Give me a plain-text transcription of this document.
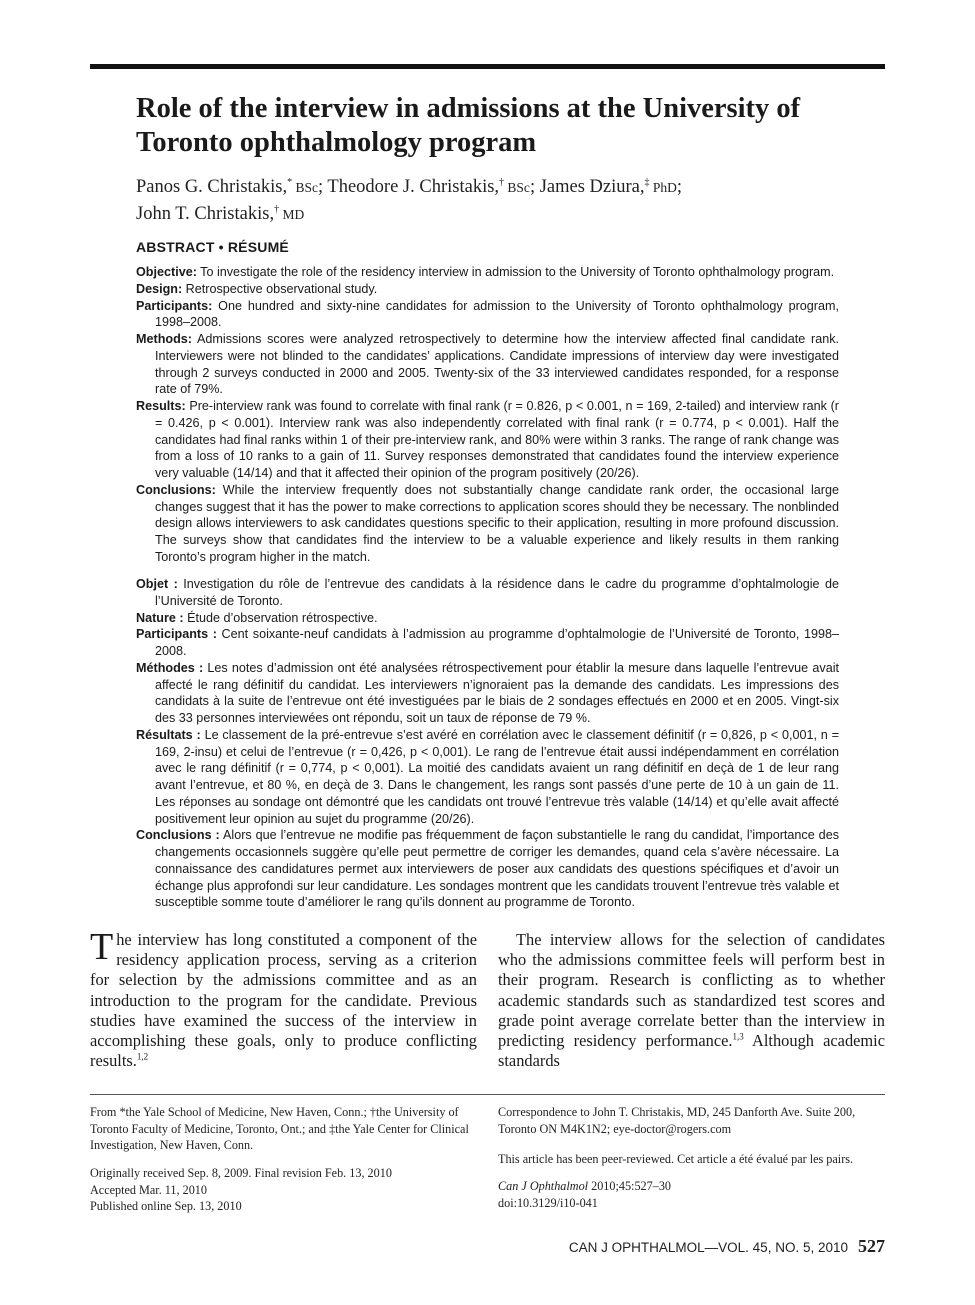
Role of the interview in admissions at the University of Toronto ophthalmology program
Panos G. Christakis,* BSc; Theodore J. Christakis,† BSc; James Dziura,‡ PhD;
John T. Christakis,† MD
ABSTRACT • RÉSUMÉ

Objective: To investigate the role of the residency interview in admission to the University of Toronto ophthalmology program.

Design: Retrospective observational study.

Participants: One hundred and sixty-nine candidates for admission to the University of Toronto ophthalmology program, 1998–2008.

Methods: Admissions scores were analyzed retrospectively to determine how the interview affected final candidate rank. Interviewers were not blinded to the candidates’ applications. Candidate impressions of interview day were investigated through 2 surveys conducted in 2000 and 2005. Twenty-six of the 33 interviewed candidates responded, for a response rate of 79%.

Results: Pre-interview rank was found to correlate with final rank (r = 0.826, p < 0.001, n = 169, 2-tailed) and interview rank (r = 0.426, p < 0.001). Interview rank was also independently correlated with final rank (r = 0.774, p < 0.001). Half the candidates had final ranks within 1 of their pre-interview rank, and 80% were within 3 ranks. The range of rank change was from a loss of 10 ranks to a gain of 11. Survey responses demonstrated that candidates found the interview experience very valuable (14/14) and that it affected their opinion of the program positively (20/26).

Conclusions: While the interview frequently does not substantially change candidate rank order, the occasional large changes suggest that it has the power to make corrections to application scores should they be necessary. The nonblinded design allows interviewers to ask candidates questions specific to their application, resulting in more profound discussion. The surveys show that candidates find the interview to be a valuable experience and likely results in them ranking Toronto’s program higher in the match.

Objet : Investigation du rôle de l’entrevue des candidats à la résidence dans le cadre du programme d’ophtalmologie de l’Université de Toronto.

Nature : Étude d’observation rétrospective.

Participants : Cent soixante-neuf candidats à l’admission au programme d’ophtalmologie de l’Université de Toronto, 1998–2008.

Méthodes : Les notes d’admission ont été analysées rétrospectivement pour établir la mesure dans laquelle l’entrevue avait affecté le rang définitif du candidat. Les interviewers n’ignoraient pas la demande des candidats. Les impressions des candidats à la suite de l’entrevue ont été investiguées par le biais de 2 sondages effectués en 2000 et en 2005. Vingt-six des 33 personnes interviewées ont répondu, soit un taux de réponse de 79 %.

Résultats : Le classement de la pré-entrevue s’est avéré en corrélation avec le classement définitif (r = 0,826, p < 0,001, n = 169, 2-insu) et celui de l’entrevue (r = 0,426, p < 0,001). Le rang de l’entrevue était aussi indépendamment en corrélation avec le rang définitif (r = 0,774, p < 0,001). La moitié des candidats avaient un rang définitif en deçà de 1 de leur rang avant l’entrevue, et 80 %, en deçà de 3. Dans le changement, les rangs sont passés d’une perte de 10 à un gain de 11. Les réponses au sondage ont démontré que les candidats ont trouvé l’entrevue très valable (14/14) et qu’elle avait affecté positivement leur opinion au sujet du programme (20/26).

Conclusions : Alors que l’entrevue ne modifie pas fréquemment de façon substantielle le rang du candidat, l’importance des changements occasionnels suggère qu’elle peut permettre de corriger les demandes, quand cela s’avère nécessaire. La connaissance des candidatures permet aux interviewers de poser aux candidats des questions spécifiques et d’avoir un échange plus approfondi sur leur candidature. Les sondages montrent que les candidats trouvent l’entrevue très valable et susceptible somme toute d’améliorer le rang qu’ils donnent au programme de Toronto.

The interview has long constituted a component of the residency application process, serving as a criterion for selection by the admissions committee and as an introduction to the program for the candidate. Previous studies have examined the success of the interview in accomplishing these goals, only to produce conflicting results.$^{1,2}$

The interview allows for the selection of candidates who the admissions committee feels will perform best in their program. Research is conflicting as to whether academic standards such as standardized test scores and grade point average correlate better than the interview in predicting residency performance.$^{1,3}$ Although academic standards

From *the Yale School of Medicine, New Haven, Conn.; †the University of Toronto Faculty of Medicine, Toronto, Ont.; and ‡the Yale Center for Clinical Investigation, New Haven, Conn.

Originally received Sep. 8, 2009. Final revision Feb. 13, 2010
Accepted Mar. 11, 2010
Published online Sep. 13, 2010

Correspondence to John T. Christakis, MD, 245 Danforth Ave. Suite 200, Toronto ON M4K1N2; eye-doctor@rogers.com

This article has been peer-reviewed. Cet article a été évalué par les pairs.

Can J Ophthalmol 2010;45:527–30
doi:10.3129/i10-041
CAN J OPHTHALMOL—VOL. 45, NO. 5, 2010 527
